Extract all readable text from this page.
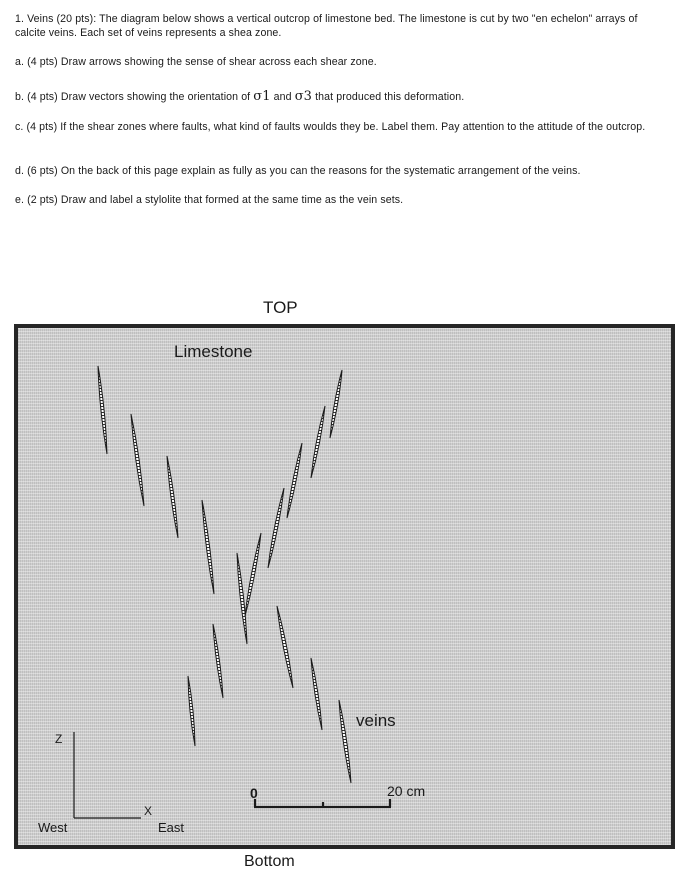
1. Veins (20 pts): The diagram below shows a vertical outcrop of limestone bed. The limestone is cut by two "en echelon" arrays of calcite veins. Each set of veins represents a shea zone.
a. (4 pts) Draw arrows showing the sense of shear across each shear zone.
b. (4 pts) Draw vectors showing the orientation of σ1 and σ3 that produced this deformation.
c. (4 pts) If the shear zones where faults, what kind of faults woulds they be. Label them. Pay attention to the attitude of the outcrop.
d. (6 pts) On the back of this page explain as fully as you can the reasons for the systematic arrangement of the veins.
e. (2 pts) Draw and label a stylolite that formed at the same time as the vein sets.
TOP
Limestone
veins
Z
X
West	East
0	20 cm
Bottom
